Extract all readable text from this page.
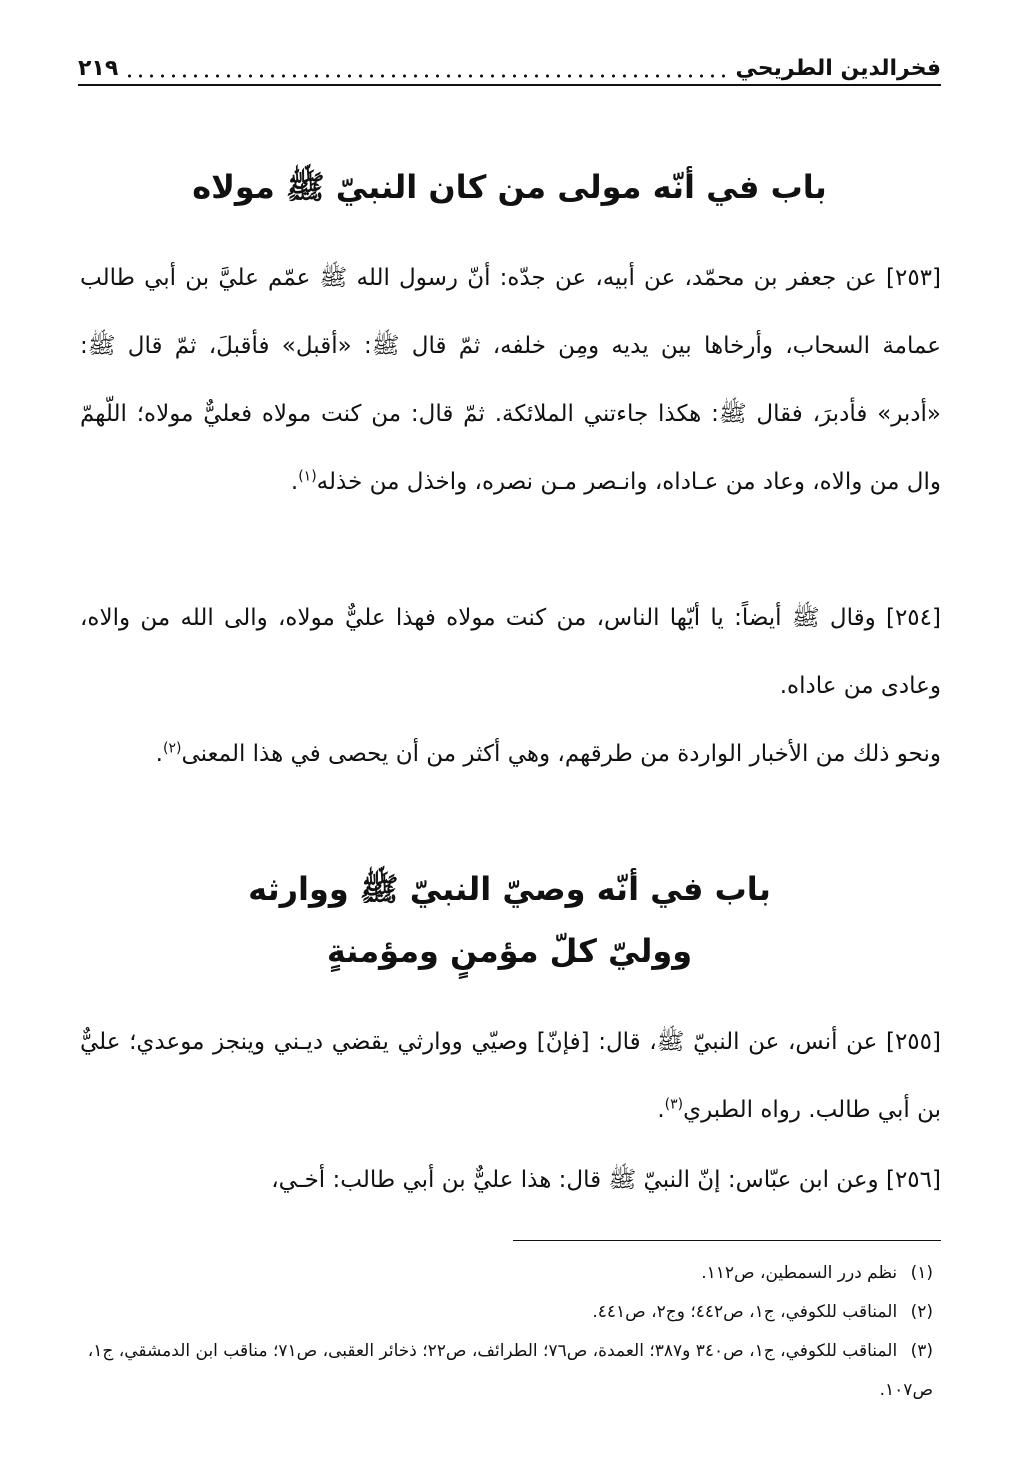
فخرالدين الطريحي
٢١٩
باب في أنّه مولى من كان النبيّ ﷺ مولاه

[٢٥٣] عن جعفر بن محمّد، عن أبيه، عن جدّه: أنّ رسول الله ﷺ عمّم عليَّ بن أبي طالب عمامة السحاب، وأرخاها بين يديه ومِن خلفه، ثمّ قال ﷺ: «أقبل» فأقبلَ، ثمّ قال ﷺ: «أدبر» فأدبرَ، فقال ﷺ: هكذا جاءتني الملائكة. ثمّ قال: من كنت مولاه فعليٌّ مولاه؛ اللّهمّ وال من والاه، وعاد من عـاداه، وانـصر مـن نصره، واخذل من خذله$^{(١)}$.

[٢٥٤] وقال ﷺ أيضاً: يا أيّها الناس، من كنت مولاه فهذا عليٌّ مولاه، والى الله من والاه، وعادى من عاداه.

ونحو ذلك من الأخبار الواردة من طرقهم، وهي أكثر من أن يحصى في هذا المعنى$^{(٢)}$.

باب في أنّه وصيّ النبيّ ﷺ ووارثه
ووليّ كلّ مؤمنٍ ومؤمنةٍ

[٢٥٥] عن أنس، عن النبيّ ﷺ، قال: [فإنّ] وصيّي ووارثي يقضي ديـني وينجز موعدي؛ عليٌّ بن أبي طالب. رواه الطبري$^{(٣)}$.

[٢٥٦] وعن ابن عبّاس: إنّ النبيّ ﷺ قال: هذا عليٌّ بن أبي طالب: أخـي،

(١) نظم درر السمطين، ص١١٢.

(٢) المناقب للكوفي، ج١، ص٤٤٢؛ وج٢، ص٤٤١.

(٣) المناقب للكوفي، ج١، ص٣٤٠ و٣٨٧؛ العمدة، ص٧٦؛ الطرائف، ص٢٢؛ ذخائر العقبى، ص٧١؛ مناقب ابن الدمشقي، ج١، ص١٠٧.
